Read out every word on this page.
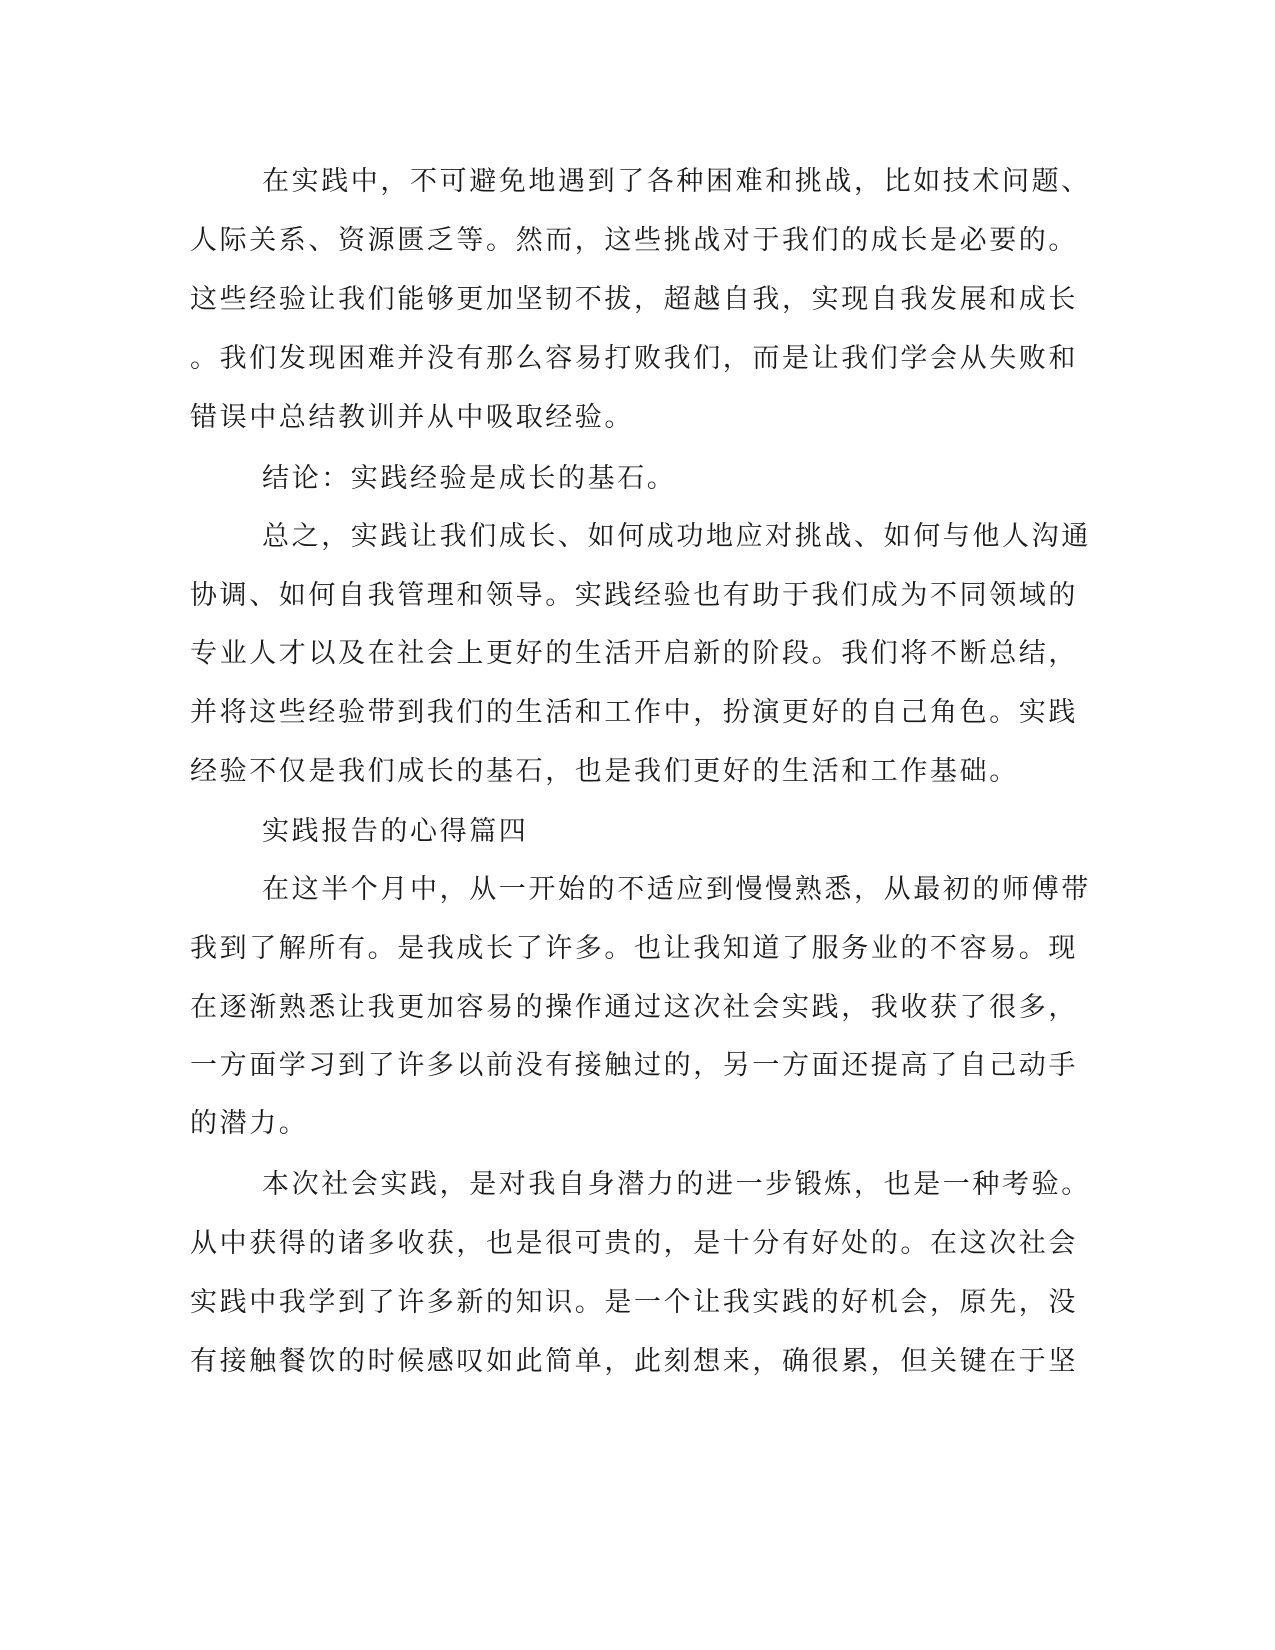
在实践中，不可避免地遇到了各种困难和挑战，比如技术问题、
人际关系、资源匮乏等。然而，这些挑战对于我们的成长是必要的。
这些经验让我们能够更加坚韧不拔，超越自我，实现自我发展和成长
。我们发现困难并没有那么容易打败我们，而是让我们学会从失败和
错误中总结教训并从中吸取经验。
结论：实践经验是成长的基石。
总之，实践让我们成长、如何成功地应对挑战、如何与他人沟通
协调、如何自我管理和领导。实践经验也有助于我们成为不同领域的
专业人才以及在社会上更好的生活开启新的阶段。我们将不断总结，
并将这些经验带到我们的生活和工作中，扮演更好的自己角色。实践
经验不仅是我们成长的基石，也是我们更好的生活和工作基础。
实践报告的心得篇四
在这半个月中，从一开始的不适应到慢慢熟悉，从最初的师傅带
我到了解所有。是我成长了许多。也让我知道了服务业的不容易。现
在逐渐熟悉让我更加容易的操作通过这次社会实践，我收获了很多，
一方面学习到了许多以前没有接触过的，另一方面还提高了自己动手
的潜力。
本次社会实践，是对我自身潜力的进一步锻炼，也是一种考验。
从中获得的诸多收获，也是很可贵的，是十分有好处的。在这次社会
实践中我学到了许多新的知识。是一个让我实践的好机会，原先，没
有接触餐饮的时候感叹如此简单，此刻想来，确很累，但关键在于坚
